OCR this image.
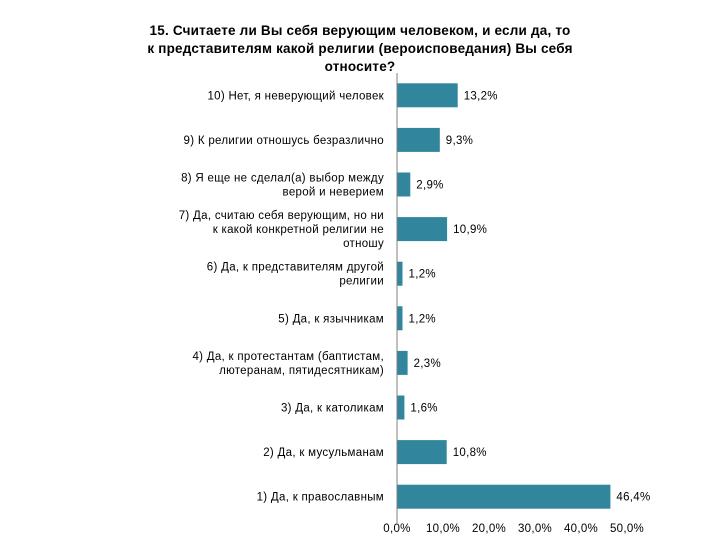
15. Считаете ли Вы себя верующим человеком, и если да, то
к представителям какой религии (вероисповедания) Вы себя
относите?
10) Нет, я неверующий человек
9) К религии отношусь безразлично
8) Я еще не сделал(а) выбор между верой и неверием
7) Да, считаю себя верующим, но ни к какой конкретной религии не отношу
6) Да, к представителям другой религии
5) Да, к язычникам
4) Да, к протестантам (баптистам, лютеранам, пятидесятникам)
3) Да, к католикам
2) Да, к мусульманам
1) Да, к православным
13,2%
9,3%
2,9%
10,9%
1,2%
1,2%
2,3%
1,6%
10,8%
46,4%
0,0% 10,0% 20,0% 30,0% 40,0% 50,0%
